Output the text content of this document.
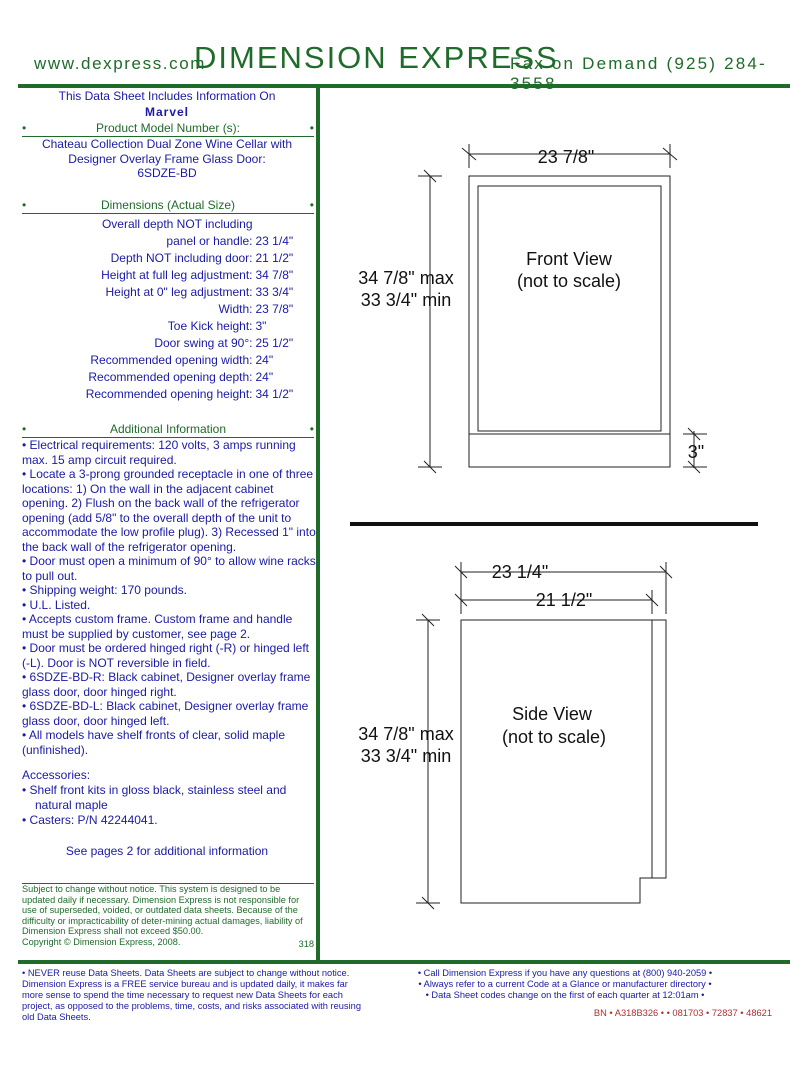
www.dexpress.com
DIMENSION EXPRESS
Fax on Demand (925) 284-
This Data Sheet Includes Information On
Marvel
•	Product Model Number (s):	•
Chateau Collection Dual Zone Wine Cellar with
Designer Overlay Frame Glass Door:
6SDZE-BD
•	Dimensions (Actual Size)	•
Overall depth NOT including
panel or handle: 23 1/4"
Depth NOT including door: 21 1/2"
Height at full leg adjustment: 34 7/8"
Height at 0" leg adjustment: 33 3/4"
Width: 23 7/8"
Toe Kick height: 3"
Door swing at 90°: 25 1/2"
Recommended opening width: 24"
Recommended opening depth: 24"
Recommended opening height: 34 1/2"
•	Additional Information	•

• Electrical requirements: 120 volts, 3 amps running max. 15 amp circuit required.

• Locate a 3-prong grounded receptacle in one of three locations: 1) On the wall in the adjacent cabinet opening. 2) Flush on the back wall of the refrigerator opening (add 5/8" to the overall depth of the unit to accommodate the low profile plug). 3) Recessed 1" into the back wall of the refrigerator opening.

• Door must open a minimum of 90° to allow wine racks to pull out.

• Shipping weight: 170 pounds.

• U.L. Listed.

• Accepts custom frame. Custom frame and handle must be supplied by customer, see page 2.

• Door must be ordered hinged right (-R) or hinged left (-L). Door is NOT reversible in field.

• 6SDZE-BD-R: Black cabinet, Designer overlay frame glass door, door hinged right.

• 6SDZE-BD-L: Black cabinet, Designer overlay frame glass door, door hinged left.

• All models have shelf fronts of clear, solid maple (unfinished).

Accessories:

• Shelf front kits in gloss black, stainless steel and

natural maple

• Casters: P/N 42244041.

See pages 2 for additional information
Subject to change without notice. This system is designed to be updated daily if necessary. Dimension Express is not responsible for use of superseded, voided, or outdated data sheets. Because of the difficulty or impracticability of deter-mining actual damages, liability of Dimension Express shall not exceed $50.00.
Copyright © Dimension Express, 2008.	318
23 7/8"
34 7/8" max
33 3/4" min
Front View
(not to scale)
3"
23 1/4"
21 1/2"
34 7/8" max
33 3/4" min
Side View
(not to scale)
• NEVER reuse Data Sheets. Data Sheets are subject to change without notice. Dimension Express is a FREE service bureau and is updated daily, it makes far more sense to spend the time necessary to request new Data Sheets for each project, as opposed to the problems, time, costs, and risks associated with reusing old Data Sheets.
• Call Dimension Express if you have any questions at (800) 940-2059 •
• Always refer to a current Code at a Glance or manufacturer directory •
• Data Sheet codes change on the first of each quarter at 12:01am •
BN • A318B326 • • 081703 • 72837 • 48621
